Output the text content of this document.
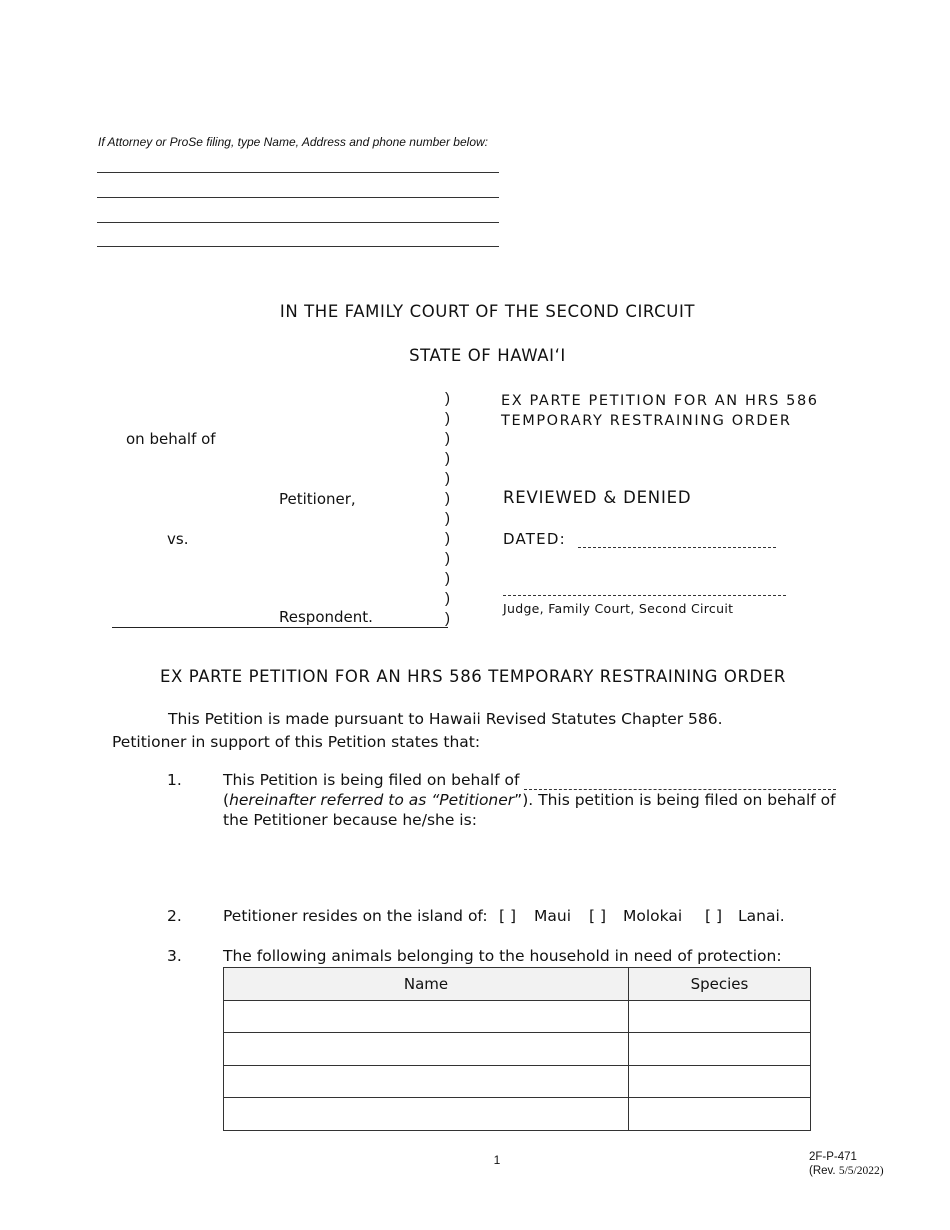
If Attorney or ProSe filing, type Name, Address and phone number below:
IN THE FAMILY COURT OF THE SECOND CIRCUIT
STATE OF HAWAIʻI
)
)
)
)
)
)
)
)
)
)
)
)
on behalf of
Petitioner,
vs.
Respondent.
EX PARTE PETITION FOR AN HRS 586
TEMPORARY RESTRAINING ORDER
REVIEWED & DENIED
DATED:
Judge, Family Court, Second Circuit
EX PARTE PETITION FOR AN HRS 586 TEMPORARY RESTRAINING ORDER
This Petition is made pursuant to Hawaii Revised Statutes Chapter 586.
Petitioner in support of this Petition states that:
1.	This Petition is being filed on behalf of
(hereinafter referred to as “Petitioner”). This petition is being filed on behalf of
the Petitioner because he/she is:
2.	Petitioner resides on the island of: [ ] Maui [ ] Molokai [ ] Lanai.
3.	The following animals belonging to the household in need of protection:
Name	Species

1	2F-P-471
(Rev. 5/5/2022)
